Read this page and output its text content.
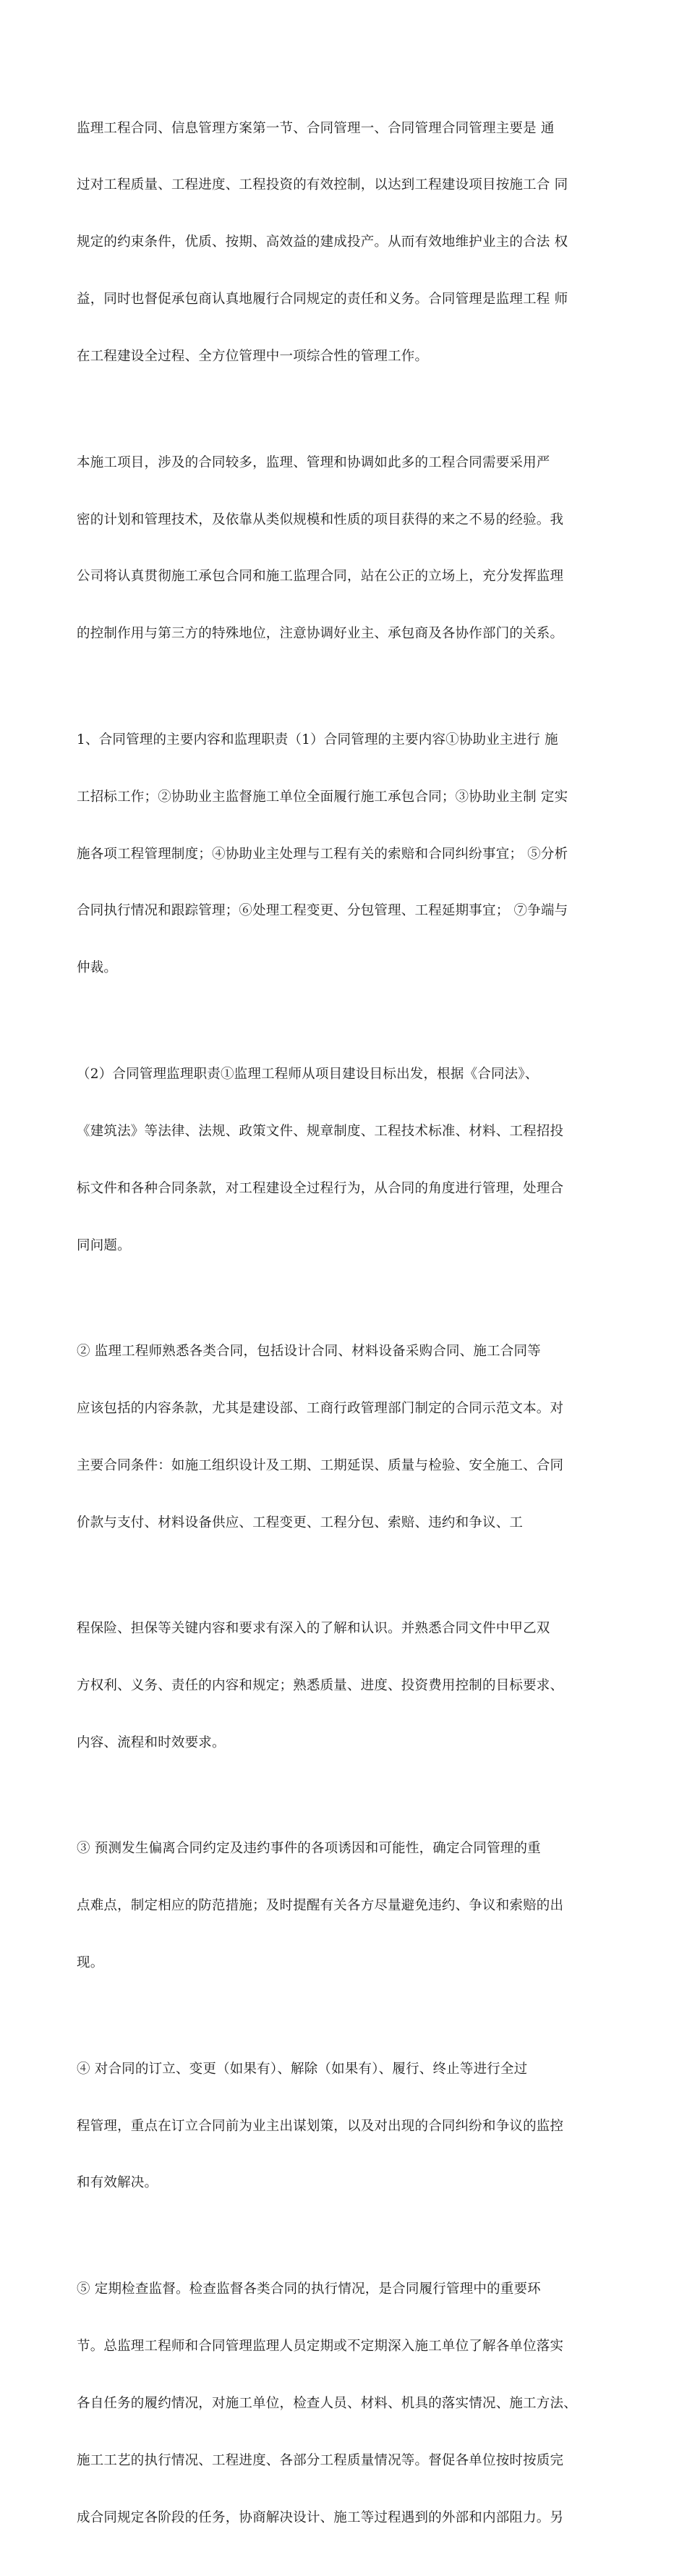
监理工程合同、信息管理方案第一节、合同管理一、合同管理合同管理主要是 通

过对工程质量、工程进度、工程投资的有效控制，以达到工程建设项目按施工合 同

规定的约束条件，优质、按期、高效益的建成投产。从而有效地维护业主的合法 权

益，同时也督促承包商认真地履行合同规定的责任和义务。合同管理是监理工程 师

在工程建设全过程、全方位管理中一项综合性的管理工作。

本施工项目，涉及的合同较多，监理、管理和协调如此多的工程合同需要采用严

密的计划和管理技术，及依靠从类似规模和性质的项目获得的来之不易的经验。我

公司将认真贯彻施工承包合同和施工监理合同，站在公正的立场上，充分发挥监理

的控制作用与第三方的特殊地位，注意协调好业主、承包商及各协作部门的关系。

1、合同管理的主要内容和监理职责（1）合同管理的主要内容①协助业主进行 施

工招标工作；②协助业主监督施工单位全面履行施工承包合同；③协助业主制 定实

施各项工程管理制度；④协助业主处理与工程有关的索赔和合同纠纷事宜； ⑤分析

合同执行情况和跟踪管理；⑥处理工程变更、分包管理、工程延期事宜； ⑦争端与

仲裁。

（2）合同管理监理职责①监理工程师从项目建设目标出发，根据《合同法》、

《建筑法》等法律、法规、政策文件、规章制度、工程技术标准、材料、工程招投

标文件和各种合同条款，对工程建设全过程行为，从合同的角度进行管理，处理合

同问题。

② 监理工程师熟悉各类合同，包括设计合同、材料设备采购合同、施工合同等

应该包括的内容条款，尤其是建设部、工商行政管理部门制定的合同示范文本。对

主要合同条件：如施工组织设计及工期、工期延误、质量与检验、安全施工、合同

价款与支付、材料设备供应、工程变更、工程分包、索赔、违约和争议、工

程保险、担保等关键内容和要求有深入的了解和认识。并熟悉合同文件中甲乙双

方权利、义务、责任的内容和规定；熟悉质量、进度、投资费用控制的目标要求、

内容、流程和时效要求。

③ 预测发生偏离合同约定及违约事件的各项诱因和可能性，确定合同管理的重

点难点，制定相应的防范措施；及时提醒有关各方尽量避免违约、争议和索赔的出

现。

④ 对合同的订立、变更（如果有）、解除（如果有）、履行、终止等进行全过

程管理，重点在订立合同前为业主出谋划策，以及对出现的合同纠纷和争议的监控

和有效解决。

⑤ 定期检查监督。检查监督各类合同的执行情况，是合同履行管理中的重要环

节。总监理工程师和合同管理监理人员定期或不定期深入施工单位了解各单位落实

各自任务的履约情况，对施工单位，检查人员、材料、机具的落实情况、施工方法、

施工工艺的执行情况、工程进度、各部分工程质量情况等。督促各单位按时按质完

成合同规定各阶段的任务，协商解决设计、施工等过程遇到的外部和内部阻力。另
